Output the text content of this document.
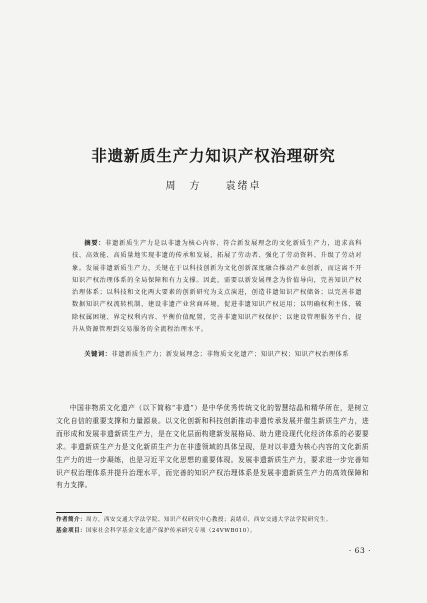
非遗新质生产力知识产权治理研究
周　方　　袁绪卓
摘要：非遗新质生产力是以非遗为核心内容、符合新发展理念的文化新质生产力，追求高科技、高效能、高质量地实现非遗的传承和发展，拓展了劳动者、强化了劳动资料、升级了劳动对象。发展非遗新质生产力，关键在于以科技创新为文化创新深度融合推动产业创新，而这离不开知识产权治理体系的全局保障和有力支撑。因此，需要以新发展理念为价值导向，完善知识产权治理体系；以科技和文化两大要素的创新研究为支点演进，创造非遗知识产权储备；以完善非遗数据知识产权流转机制，建设非遗产业营商环境，促进非遗知识产权运用；以明确权利主体、破除权属困境、界定权利内容、平衡价值配置，完善非遗知识产权保护；以建设管理服务平台，提升从资源管理到交易服务的全流程治理水平。
关键词：非遗新质生产力；新发展理念；非物质文化遗产；知识产权；知识产权治理体系
中国非物质文化遗产（以下简称“非遗”）是中华优秀传统文化的智慧结晶和精华所在，是树立文化自信的重要支撑和力量源泉。以文化创新和科技创新推动非遗传承发展并催生新质生产力，进而形成和发展非遗新质生产力，是在文化层面构建新发展格局、助力建设现代化经济体系的必要要求。非遗新质生产力是文化新质生产力在非遗领域的具体呈现，是对以非遗为核心内容的文化新质生产力的进一步凝练，也是习近平文化思想的重要体现。发展非遗新质生产力，要求进一步完善知识产权治理体系并提升治理水平，而完善的知识产权治理体系是发展非遗新质生产力的高效保障和有力支撑。
作者简介：周方，西安交通大学法学院、知识产权研究中心教授；袁绪卓，西安交通大学法学院研究生。
基金项目：国家社会科学基金文化遗产保护传承研究专项（24VWB010）。
· 63 ·
